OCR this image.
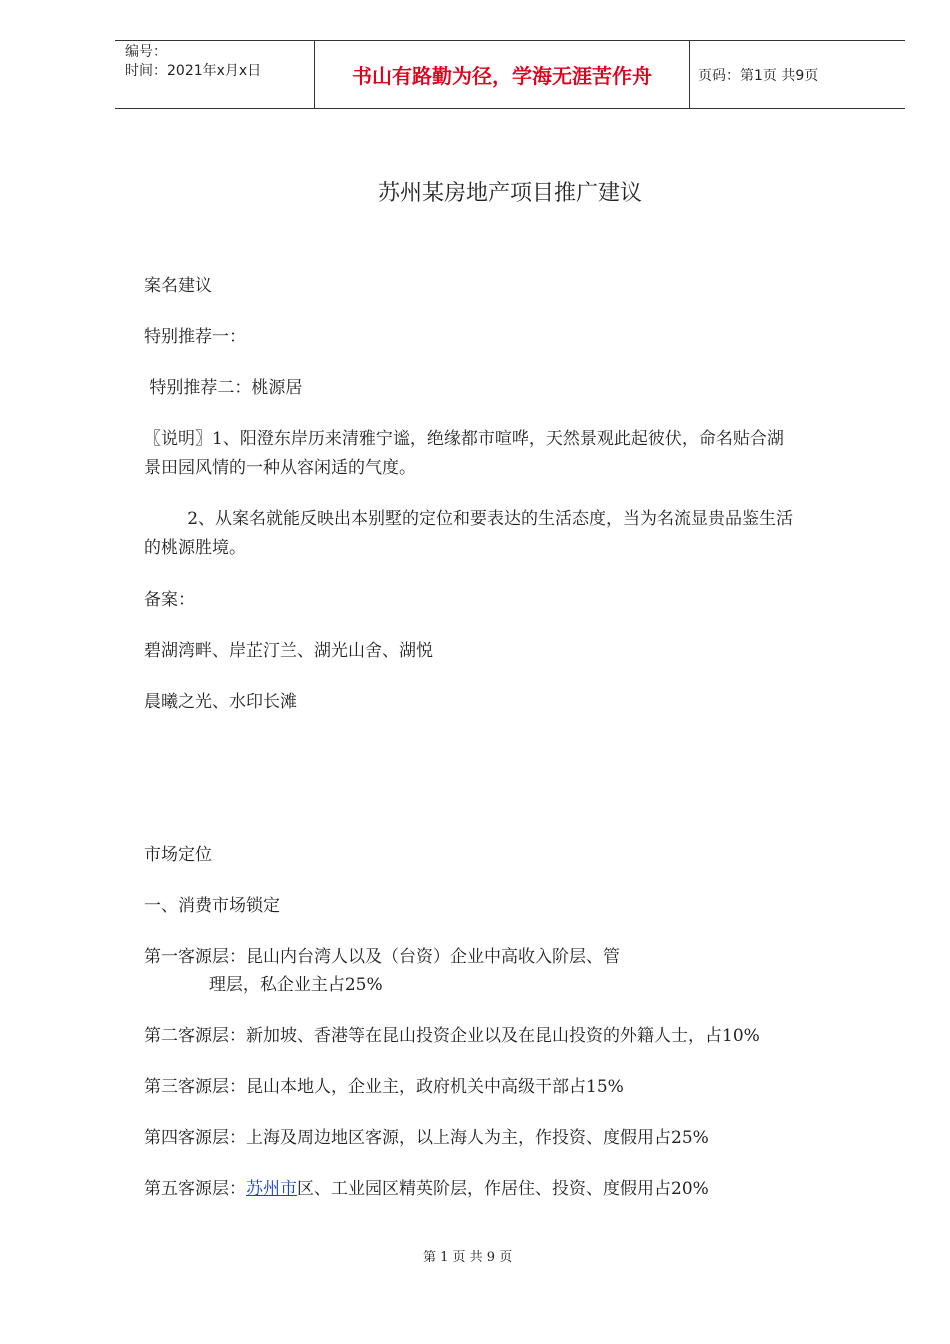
编号：
时间：2021年x月x日	书山有路勤为径，学海无涯苦作舟	页码：第1页 共9页
苏州某房地产项目推广建议
案名建议
特别推荐一：
特别推荐二：桃源居
〖说明〗1、阳澄东岸历来清雅宁谧，绝缘都市喧哗，天然景观此起彼伏，命名贴合湖
景田园风情的一种从容闲适的气度。
2、从案名就能反映出本别墅的定位和要表达的生活态度，当为名流显贵品鉴生活
的桃源胜境。
备案：
碧湖湾畔、岸芷汀兰、湖光山舍、湖悦
晨曦之光、水印长滩
市场定位
一、消费市场锁定
第一客源层：昆山内台湾人以及（台资）企业中高收入阶层、管
理层，私企业主占25%
第二客源层：新加坡、香港等在昆山投资企业以及在昆山投资的外籍人士，占10%
第三客源层：昆山本地人，企业主，政府机关中高级干部占15%
第四客源层：上海及周边地区客源，以上海人为主，作投资、度假用占25%
第五客源层：苏州市区、工业园区精英阶层，作居住、投资、度假用占20%
第 1 页 共 9 页
